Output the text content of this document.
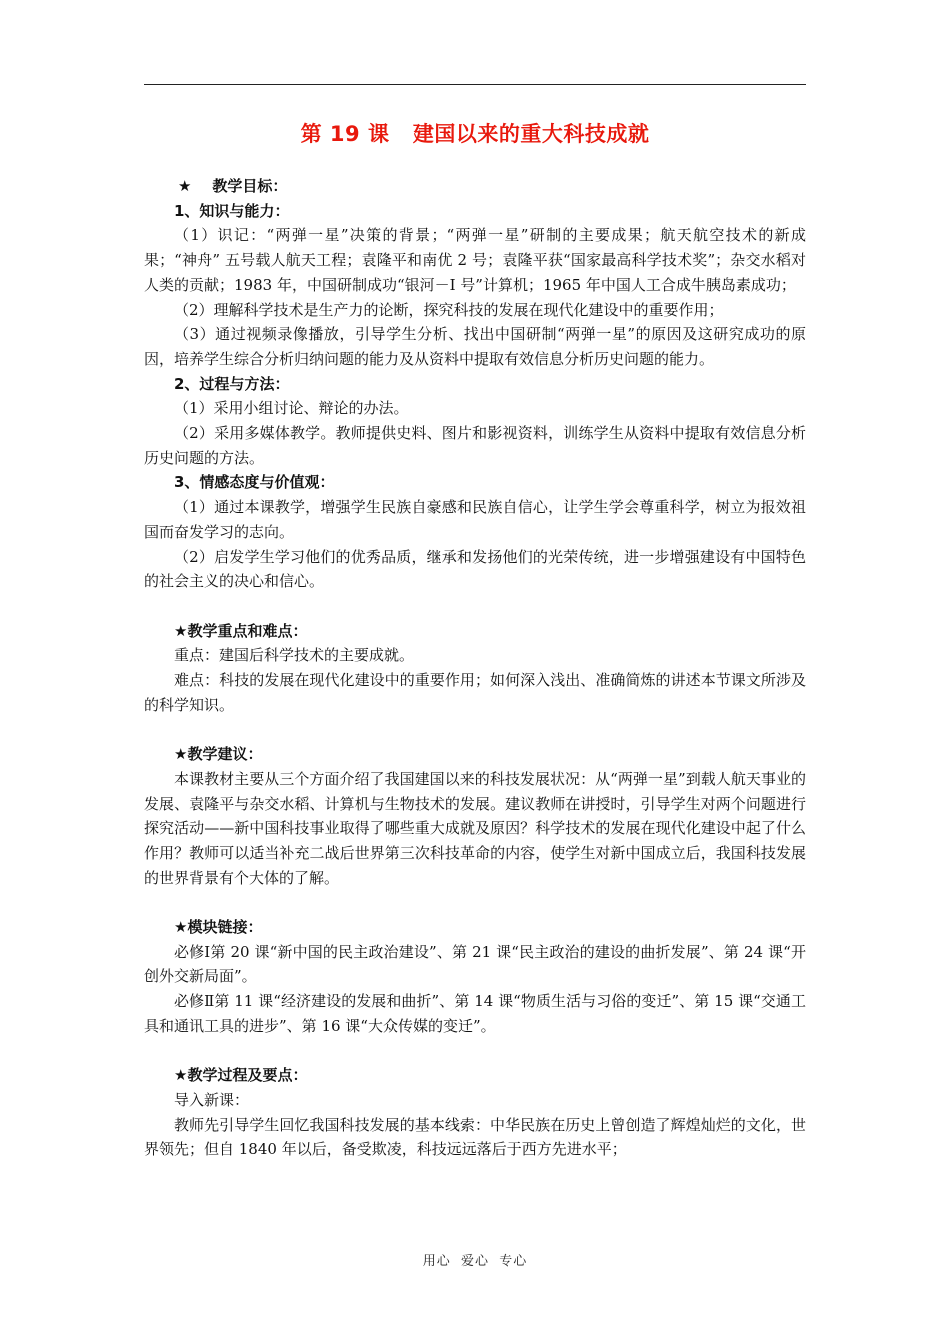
第 19 课   建国以来的重大科技成就

★    教学目标：

1、知识与能力：

（1）识记：“两弹一星”决策的背景；“两弹一星”研制的主要成果；航天航空技术的新成果；“神舟” 五号载人航天工程；袁隆平和南优 2 号；袁隆平获“国家最高科学技术奖”；杂交水稻对人类的贡献；1983 年，中国研制成功“银河－Ⅰ 号”计算机；1965 年中国人工合成牛胰岛素成功；

（2）理解科学技术是生产力的论断，探究科技的发展在现代化建设中的重要作用；

（3）通过视频录像播放，引导学生分析、找出中国研制“两弹一星”的原因及这研究成功的原因，培养学生综合分析归纳问题的能力及从资料中提取有效信息分析历史问题的能力。

2、过程与方法：

（1）采用小组讨论、辩论的办法。

（2）采用多媒体教学。教师提供史料、图片和影视资料，训练学生从资料中提取有效信息分析历史问题的方法。

3、情感态度与价值观：

（1）通过本课教学，增强学生民族自豪感和民族自信心，让学生学会尊重科学，树立为报效祖国而奋发学习的志向。

（2）启发学生学习他们的优秀品质，继承和发扬他们的光荣传统，进一步增强建设有中国特色的社会主义的决心和信心。

★教学重点和难点：

重点：建国后科学技术的主要成就。

难点：科技的发展在现代化建设中的重要作用；如何深入浅出、准确简炼的讲述本节课文所涉及的科学知识。

★教学建议：

本课教材主要从三个方面介绍了我国建国以来的科技发展状况：从“两弹一星”到载人航天事业的发展、袁隆平与杂交水稻、计算机与生物技术的发展。建议教师在讲授时，引导学生对两个问题进行探究活动——新中国科技事业取得了哪些重大成就及原因？科学技术的发展在现代化建设中起了什么作用？教师可以适当补充二战后世界第三次科技革命的内容，使学生对新中国成立后，我国科技发展的世界背景有个大体的了解。

★模块链接：

必修Ⅰ第 20 课“新中国的民主政治建设”、第 21 课“民主政治的建设的曲折发展”、第 24 课“开创外交新局面”。

必修Ⅱ第 11 课“经济建设的发展和曲折”、第 14 课“物质生活与习俗的变迁”、第 15 课“交通工具和通讯工具的进步”、第 16 课“大众传媒的变迁”。

★教学过程及要点：

导入新课：

教师先引导学生回忆我国科技发展的基本线索：中华民族在历史上曾创造了辉煌灿烂的文化，世界领先；但自 1840 年以后，备受欺凌，科技远远落后于西方先进水平；

用心  爱心  专心
